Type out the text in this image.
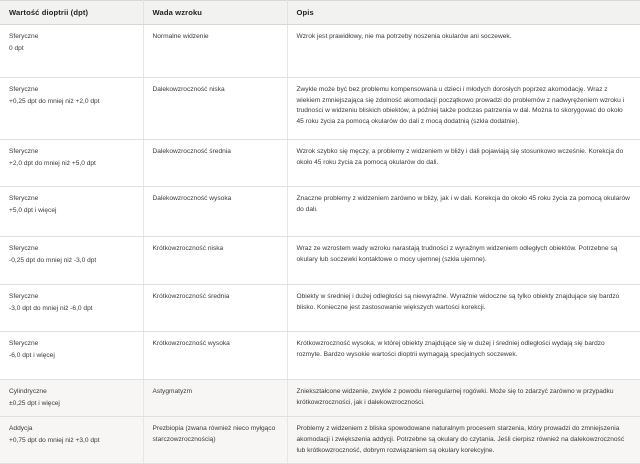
Wartość dioptrii (dpt)	Wada wzroku	Opis

Sferyczne
0 dpt	Normalne widzenie	Wzrok jest prawidłowy, nie ma potrzeby noszenia okularów ani soczewek.

Sferyczne
+0,25 dpt do mniej niż +2,0 dpt	Dalekowzroczność niska	Zwykle może być bez problemu kompensowana u dzieci i młodych dorosłych poprzez akomodację. Wraz z wiekiem zmniejszająca się zdolność akomodacji początkowo prowadzi do problemów z nadwyrężeniem wzroku i trudności w widzeniu bliskich obiektów, a później także podczas patrzenia w dal. Można to skorygować do około 45 roku życia za pomocą okularów do dali z mocą dodatnią (szkła dodatnie).

Sferyczne
+2,0 dpt do mniej niż +5,0 dpt	Dalekowzroczność średnia	Wzrok szybko się męczy, a problemy z widzeniem w bliży i dali pojawiają się stosunkowo wcześnie. Korekcja do około 45 roku życia za pomocą okularów do dali.

Sferyczne
+5,0 dpt i więcej	Dalekowzroczność wysoka	Znaczne problemy z widzeniem zarówno w bliży, jak i w dali. Korekcja do około 45 roku życia za pomocą okularów do dali.

Sferyczne
-0,25 dpt do mniej niż -3,0 dpt	Krótkowzroczność niska	Wraz ze wzrostem wady wzroku narastają trudności z wyraźnym widzeniem odległych obiektów. Potrzebne są okulary lub soczewki kontaktowe o mocy ujemnej (szkła ujemne).

Sferyczne
-3,0 dpt do mniej niż -6,0 dpt	Krótkowzroczność średnia	Obiekty w średniej i dużej odległości są niewyraźne. Wyraźnie widoczne są tylko obiekty znajdujące się bardzo blisko. Konieczne jest zastosowanie większych wartości korekcji.

Sferyczne
-6,0 dpt i więcej	Krótkowzroczność wysoka	Krótkowzroczność wysoka, w której obiekty znajdujące się w dużej i średniej odległości wydają się bardzo rozmyte. Bardzo wysokie wartości dioptrii wymagają specjalnych soczewek.

Cylindryczne
±0,25 dpt i więcej	Astygmatyzm	Zniekształcone widzenie, zwykle z powodu nieregularnej rogówki. Może się to zdarzyć zarówno w przypadku krótkowzroczności, jak i dalekowzroczności.

Addycja
+0,75 dpt do mniej niż +3,0 dpt	Prezbiopia (zwana również nieco myłgąco starczowzrocznością)	Problemy z widzeniem z bliska spowodowane naturalnym procesem starzenia, który prowadzi do zmniejszenia akomodacji i zwiększenia addycji. Potrzebne są okulary do czytania. Jeśli cierpisz również na dalekowzroczność lub krótkowzroczność, dobrym rozwiązaniem są okulary korekcyjne.
